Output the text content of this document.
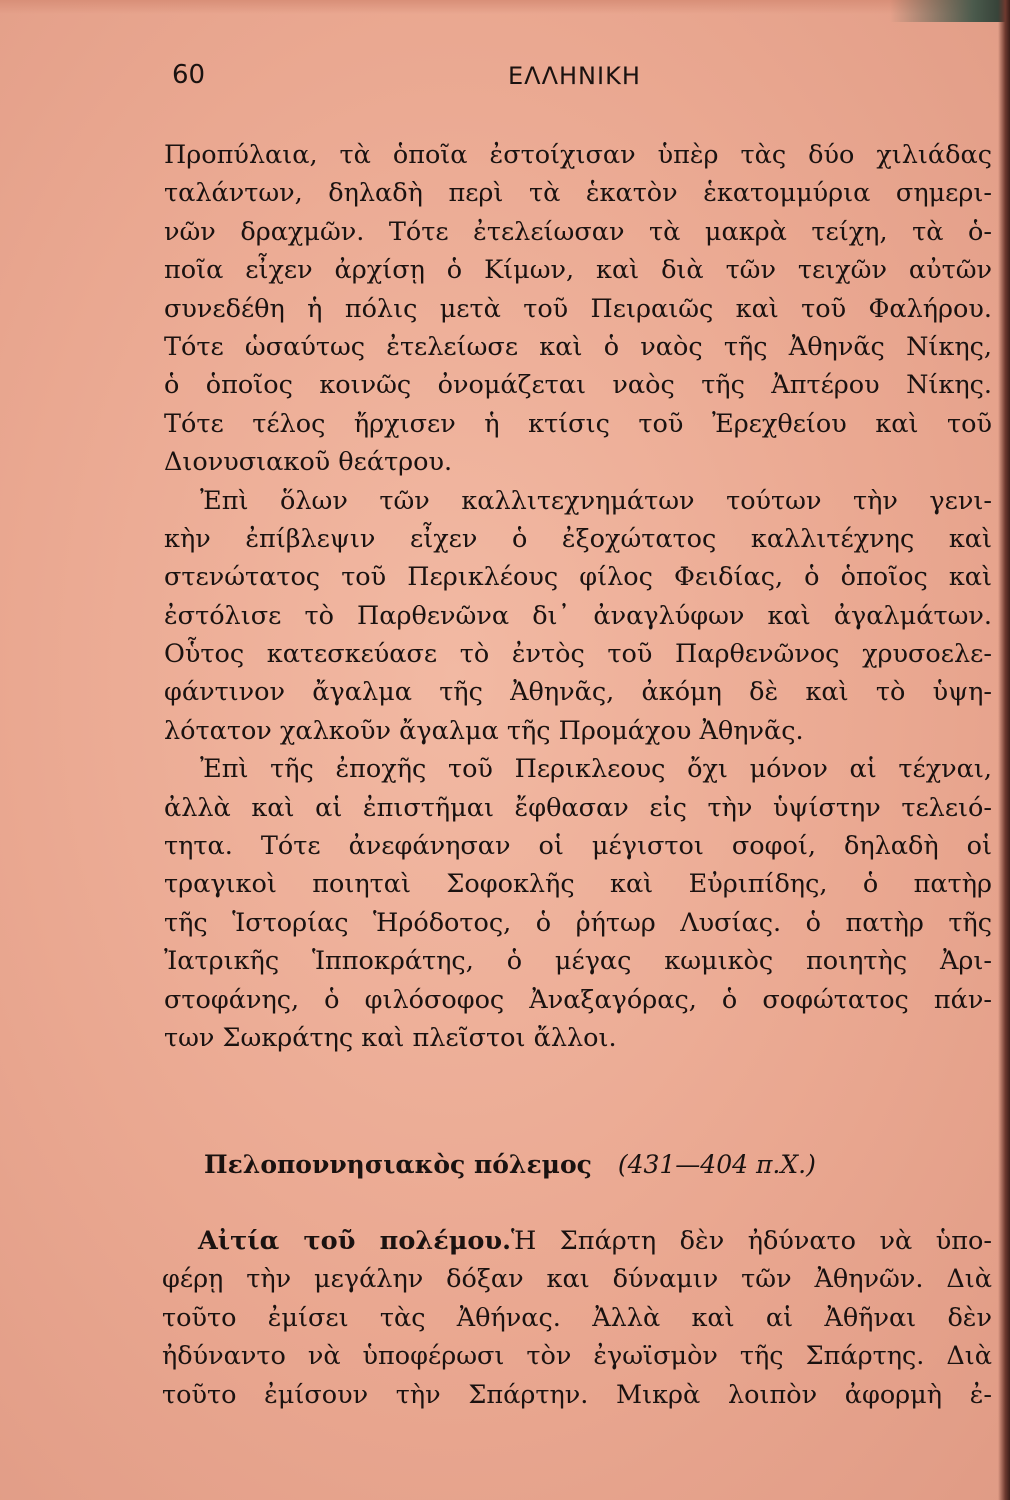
60	ΕΛΛΗΝΙΚΗ
Προπύλαια, τὰ ὁποῖα ἐστοίχισαν ὑπὲρ τὰς δύο χιλιάδας
ταλάντων, δηλαδὴ περὶ τὰ ἑκατὸν ἑκατομμύρια σημερι-
νῶν δραχμῶν. Τότε ἐτελείωσαν τὰ μακρὰ τείχη, τὰ ὁ-
ποῖα εἶχεν ἀρχίσῃ ὁ Κίμων, καὶ διὰ τῶν τειχῶν αὐτῶν
συνεδέθη ἡ πόλις μετὰ τοῦ Πειραιῶς καὶ τοῦ Φαλήρου.
Τότε ὡσαύτως ἐτελείωσε καὶ ὁ ναὸς τῆς Ἀθηνᾶς Νίκης,
ὁ ὁποῖος κοινῶς ὀνομάζεται ναὸς τῆς Ἀπτέρου Νίκης.
Τότε τέλος ἤρχισεν ἡ κτίσις τοῦ Ἐρεχθείου καὶ τοῦ
Διονυσιακοῦ θεάτρου.
Ἐπὶ ὅλων τῶν καλλιτεχνημάτων τούτων τὴν γενι-
κὴν ἐπίβλεψιν εἶχεν ὁ ἐξοχώτατος καλλιτέχνης καὶ
στενώτατος τοῦ Περικλέους φίλος Φειδίας, ὁ ὁποῖος καὶ
ἐστόλισε τὸ Παρθενῶνα δι᾽ ἀναγλύφων καὶ ἀγαλμάτων.
Οὗτος κατεσκεύασε τὸ ἐντὸς τοῦ Παρθενῶνος χρυσοελε-
φάντινον ἄγαλμα τῆς Ἀθηνᾶς, ἀκόμη δὲ καὶ τὸ ὑψη-
λότατον χαλκοῦν ἄγαλμα τῆς Προμάχου Ἀθηνᾶς.
Ἐπὶ τῆς ἐποχῆς τοῦ Περικλεους ὄχι μόνον αἱ τέχναι,
ἀλλὰ καὶ αἱ ἐπιστῆμαι ἔφθασαν εἰς τὴν ὑψίστην τελειό-
τητα. Τότε ἀνεφάνησαν οἱ μέγιστοι σοφοί, δηλαδὴ οἱ
τραγικοὶ ποιηταὶ Σοφοκλῆς καὶ Εὐριπίδης, ὁ πατὴρ
τῆς Ἱστορίας Ἡρόδοτος, ὁ ῥήτωρ Λυσίας. ὁ πατὴρ τῆς
Ἰατρικῆς Ἱπποκράτης, ὁ μέγας κωμικὸς ποιητὴς Ἀρι-
στοφάνης, ὁ φιλόσοφος Ἀναξαγόρας, ὁ σοφώτατος πάν-
των Σωκράτης καὶ πλεῖστοι ἄλλοι.
Πελοποννησιακὸς πόλεμος (431—404 π.Χ.)
Αἰτία τοῦ πολέμου.Ἡ Σπάρτη δὲν ἠδύνατο νὰ ὑπο-
φέρῃ τὴν μεγάλην δόξαν και δύναμιν τῶν Ἀθηνῶν. Διὰ
τοῦτο ἐμίσει τὰς Ἀθήνας. Ἀλλὰ καὶ αἱ Ἀθῆναι δὲν
ἠδύναντο νὰ ὑποφέρωσι τὸν ἐγωϊσμὸν τῆς Σπάρτης. Διὰ
τοῦτο ἐμίσουν τὴν Σπάρτην. Μικρὰ λοιπὸν ἀφορμὴ ἐ-
